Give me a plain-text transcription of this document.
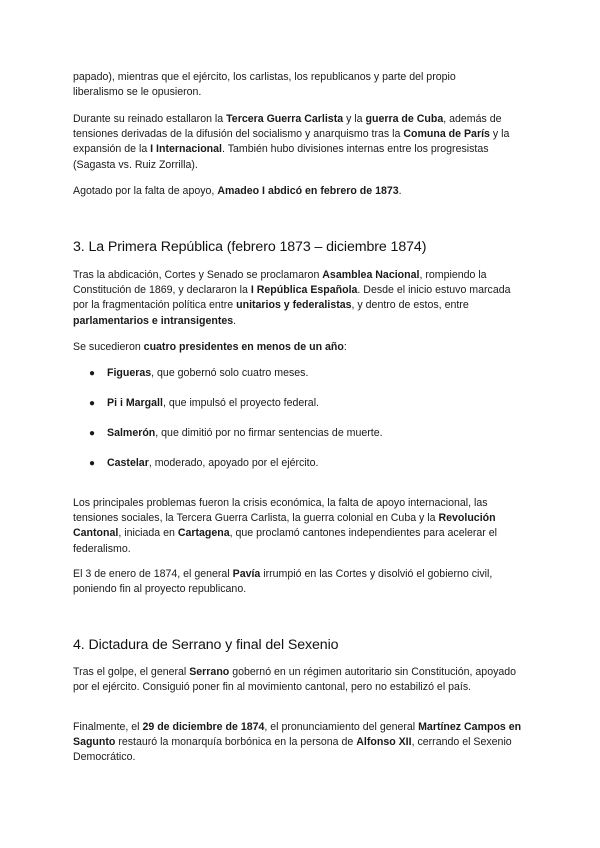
papado), mientras que el ejército, los carlistas, los republicanos y parte del propio
liberalismo se le opusieron.

Durante su reinado estallaron la Tercera Guerra Carlista y la guerra de Cuba, además de tensiones derivadas de la difusión del socialismo y anarquismo tras la Comuna de París y la expansión de la I Internacional. También hubo divisiones internas entre los progresistas (Sagasta vs. Ruiz Zorrilla).

Agotado por la falta de apoyo, Amadeo I abdicó en febrero de 1873.

3. La Primera República (febrero 1873 – diciembre 1874)

Tras la abdicación, Cortes y Senado se proclamaron Asamblea Nacional, rompiendo la Constitución de 1869, y declararon la I República Española. Desde el inicio estuvo marcada por la fragmentación política entre unitarios y federalistas, y dentro de estos, entre parlamentarios e intransigentes.

Se sucedieron cuatro presidentes en menos de un año:

● Figueras, que gobernó solo cuatro meses.
● Pi i Margall, que impulsó el proyecto federal.
● Salmerón, que dimitió por no firmar sentencias de muerte.
● Castelar, moderado, apoyado por el ejército.

Los principales problemas fueron la crisis económica, la falta de apoyo internacional, las tensiones sociales, la Tercera Guerra Carlista, la guerra colonial en Cuba y la Revolución Cantonal, iniciada en Cartagena, que proclamó cantones independientes para acelerar el federalismo.

El 3 de enero de 1874, el general Pavía irrumpió en las Cortes y disolvió el gobierno civil, poniendo fin al proyecto republicano.

4. Dictadura de Serrano y final del Sexenio

Tras el golpe, el general Serrano gobernó en un régimen autoritario sin Constitución, apoyado por el ejército. Consiguió poner fin al movimiento cantonal, pero no estabilizó el país.

Finalmente, el 29 de diciembre de 1874, el pronunciamiento del general Martínez Campos en Sagunto restauró la monarquía borbónica en la persona de Alfonso XII, cerrando el Sexenio Democrático.
